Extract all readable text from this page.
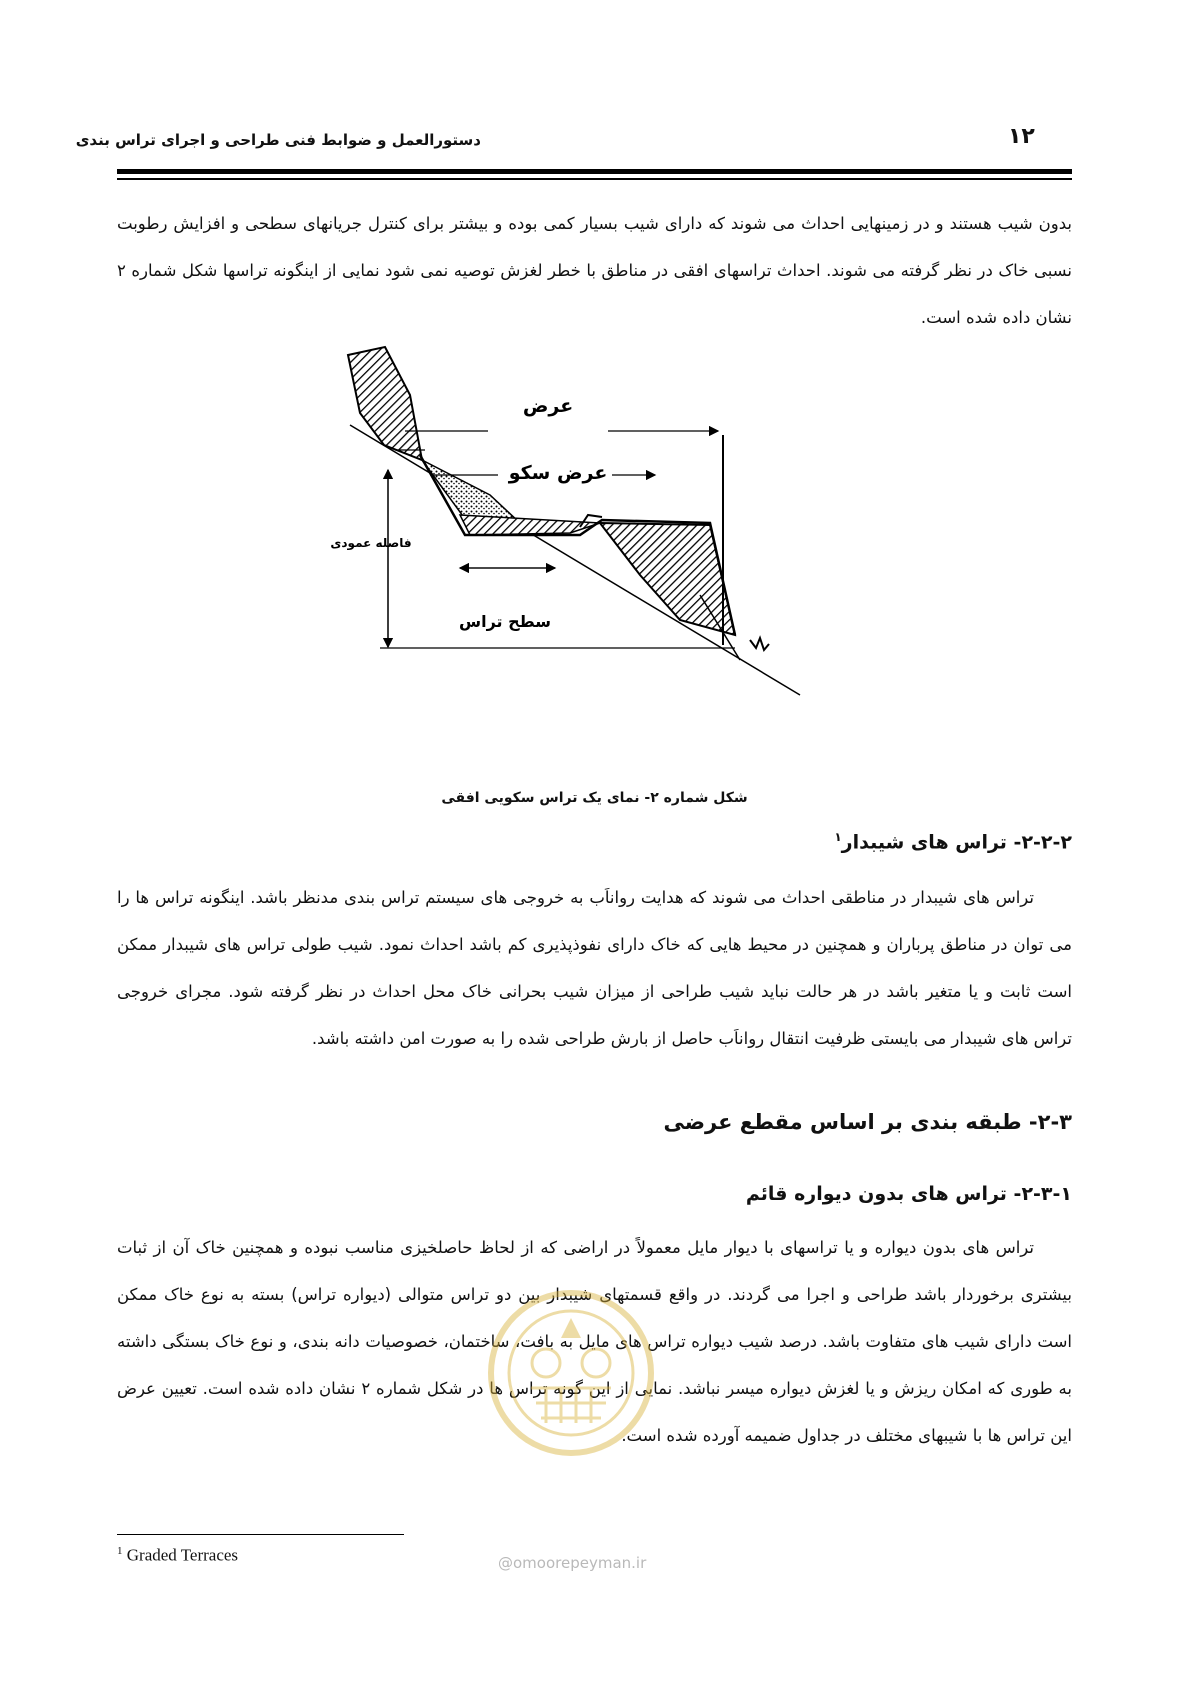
۱۲
دستورالعمل و ضوابط فنی طراحی و اجرای تراس بندی
بدون شیب هستند و در زمینهایی احداث می شوند که دارای شیب بسیار کمی بوده و بیشتر برای کنترل جریانهای سطحی و افزایش رطوبت نسبی خاک در نظر گرفته می شوند. احداث تراسهای افقی در مناطق با خطر لغزش توصیه نمی شود نمایی از اینگونه تراسها شکل شماره ۲ نشان داده شده است.
عرض
عرض سکو
فاصله عمودی
سطح تراس
شکل شماره ۲- نمای یک تراس سکویی افقی
۲-۲-۲- تراس های شیبدار$^۱$
تراس های شیبدار در مناطقی احداث می شوند که هدایت رواناَب به خروجی های سیستم تراس بندی مدنظر باشد. اینگونه تراس ها را می توان در مناطق پرباران و همچنین در محیط هایی که خاک دارای نفوذپذیری کم باشد احداث نمود. شیب طولی تراس های شیبدار ممکن است ثابت و یا متغیر باشد در هر حالت نباید شیب طراحی از میزان شیب بحرانی خاک محل احداث در نظر گرفته شود. مجرای خروجی تراس های شیبدار می بایستی ظرفیت انتقال رواناَب حاصل از بارش طراحی شده را به صورت امن داشته باشد.
۲-۳- طبقه بندی بر اساس مقطع عرضی
۲-۳-۱- تراس های بدون دیواره قائم
تراس های بدون دیواره و یا تراسهای با دیوار مایل معمولاً در اراضی که از لحاظ حاصلخیزی مناسب نبوده و همچنین خاک آن از ثبات بیشتری برخوردار باشد طراحی و اجرا می گردند. در واقع قسمتهای شیبدار بین دو تراس متوالی (دیواره تراس) بسته به نوع خاک ممکن است دارای شیب های متفاوت باشد. درصد شیب دیواره تراس های مایل به بافت، ساختمان، خصوصیات دانه بندی، و نوع خاک بستگی داشته به طوری که امکان ریزش و یا لغزش دیواره میسر نباشد. نمایی از این گونه تراس ها در شکل شماره ۲ نشان داده شده است. تعیین عرض این تراس ها با شیبهای مختلف در جداول ضمیمه آورده شده است.
@omoorepeyman.ir
$^1$ Graded Terraces
